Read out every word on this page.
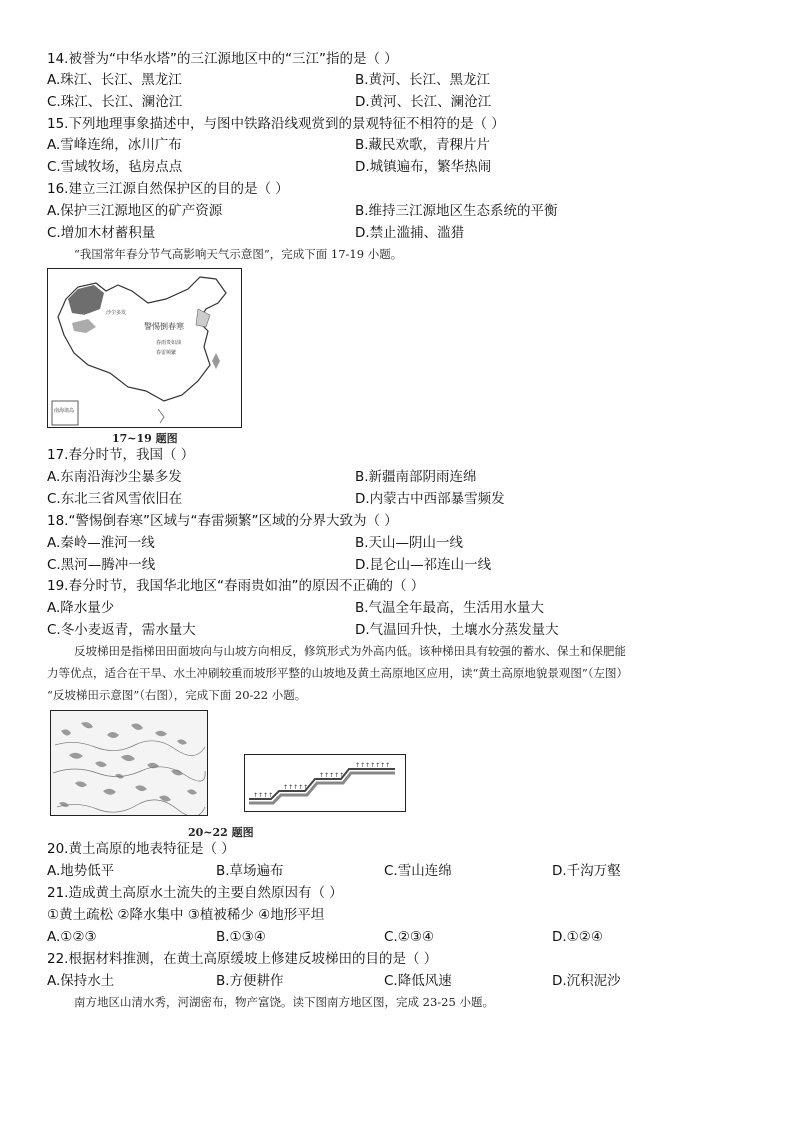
14.被誉为“中华水塔”的三江源地区中的“三江”指的是（ ）
A.珠江、长江、黑龙江	B.黄河、长江、黑龙江
C.珠江、长江、澜沧江	D.黄河、长江、澜沧江
15.下列地理事象描述中，与图中铁路沿线观赏到的景观特征不相符的是（ ）
A.雪峰连绵，冰川广布	B.藏民欢歌，青稞片片
C.雪域牧场，毡房点点	D.城镇遍布，繁华热闹
16.建立三江源自然保护区的目的是（ ）
A.保护三江源地区的矿产资源	B.维持三江源地区生态系统的平衡
C.增加木材蓄积量	D.禁止滥捕、滥猎
“我国常年春分节气高影响天气示意图”，完成下面 17-19 小题。
多雨沙尘
沙尘多发
警惕倒春寒
春雨贵如油
春雷频繁
南海诸岛
17~19 题图
17.春分时节，我国（ ）
A.东南沿海沙尘暴多发	B.新疆南部阴雨连绵
C.东北三省风雪依旧在	D.内蒙古中西部暴雪频发
18.“警惕倒春寒”区域与“春雷频繁”区域的分界大致为（ ）
A.秦岭—淮河一线	B.天山—阴山一线
C.黑河—腾冲一线	D.昆仑山—祁连山一线
19.春分时节，我国华北地区“春雨贵如油”的原因不正确的（ ）
A.降水量少	B.气温全年最高，生活用水量大
C.冬小麦返青，需水量大	D.气温回升快，土壤水分蒸发量大
反坡梯田是指梯田田面坡向与山坡方向相反，修筑形式为外高内低。该种梯田具有较强的蓄水、保土和保肥能
力等优点，适合在干旱、水土冲刷较重而坡形平整的山坡地及黄土高原地区应用，读“黄土高原地貌景观图”（左图）
“反坡梯田示意图”（右图），完成下面 20-22 小题。
↑↑↑↑
↑↑↑↑↑
↑↑↑↑↑
↑↑↑↑↑↑↑
20~22 题图
20.黄土高原的地表特征是（ ）
A.地势低平	B.草场遍布	C.雪山连绵	D.千沟万壑
21.造成黄土高原水土流失的主要自然原因有（ ）
①黄土疏松 ②降水集中 ③植被稀少 ④地形平坦
A.①②③	B.①③④	C.②③④	D.①②④
22.根据材料推测，在黄土高原缓坡上修建反坡梯田的目的是（ ）
A.保持水土	B.方便耕作	C.降低风速	D.沉积泥沙
南方地区山清水秀，河湖密布，物产富饶。读下图南方地区图，完成 23-25 小题。
